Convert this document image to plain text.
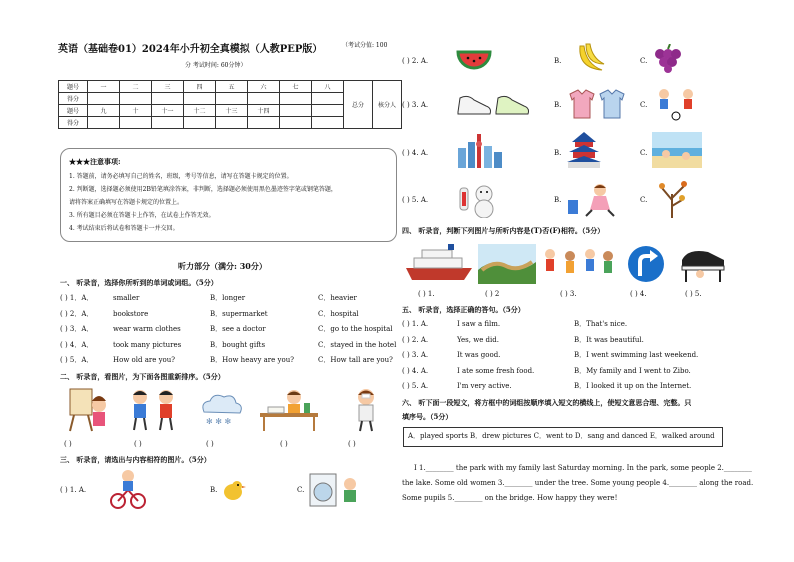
英语（基础卷01）2024年小升初全真模拟（人教PEP版）	（考试分值: 100
分 考试时间: 60分钟）
题号	一	二	三	四	五	六	七	八	总分	核分人
得分										
题号	九	十	十一	十二	十三	十四				
得分										
★★★注意事项:
1. 答题前，请务必填写自己的姓名，班级，考号等信息，请写在答题卡规定的位置。
2. 判断题，选择题必须使用2B铅笔填涂答案，非判断，选择题必须使用黑色墨迹签字笔或钢笔答题，
请将答案正确填写在答题卡规定的位置上。
3. 所有题目必须在答题卡上作答，在试卷上作答无效。
4. 考试结束后将试卷和答题卡一并交回。
听力部分（满分: 30分）
一、 听录音，选择你所听到的单词或词组。（5分）
( ) 1．A．	smaller	B．longer	C．heavier
( ) 2．A．	bookstore	B．supermarket	C．hospital
( ) 3．A．	wear warm clothes	B．see a doctor	C．go to the hospital
( ) 4．A．	took many pictures	B．bought gifts	C．stayed in the hotel
( ) 5．A．	How old are you?	B．How heavy are you?	C．How tall are you?
二、 听录音，看图片，为下面各图重新排序。（5分）
✻ ✻ ✻
( )	( )	( )	( )	( )
三、 听录音，请选出与内容相符的图片。（5分）
( ) 1. A.	B.	C.
( ) 2. A.	B.	C.
( ) 3. A.	B.	C.
( ) 4. A.	B.	C.
( ) 5. A.	B.	C.
四、 听录音，判断下列图片与所听内容是(T)否(F)相符。（5分）
( ) 1.	( ) 2	( ) 3.	( ) 4.	( ) 5.
五、 听录音，选择正确的答句。（5分）
( ) 1. A.	I saw a film.	B．That's nice.
( ) 2. A.	Yes, we did.	B．It was beautiful.
( ) 3. A.	It was good.	B．I went swimming last weekend.
( ) 4. A.	I ate some fresh food.	B．My family and I went to Zibo.
( ) 5. A.	I'm very active.	B．I looked it up on the Internet.
六、 听下面一段短文，将方框中的词组按顺序填入短文的横线上，使短文意思合理、完整。只
填序号。（5分）
A．played sports B．drew pictures C．went to D．sang and danced E．walked around
I 1.________ the park with my family last Saturday morning. In the park, some people 2.________
the lake. Some old women 3.________ under the tree. Some young people 4.________ along the road.
Some pupils 5.________ on the bridge. How happy they were!
